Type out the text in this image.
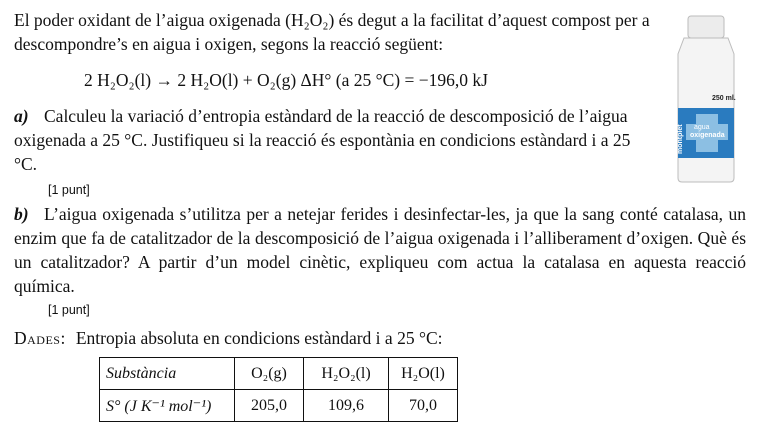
El poder oxidant de l’aigua oxigenada (H₂O₂) és degut a la facilitat d’aquest compost per a descompondre’s en aigua i oxigen, segons la reacció següent:

2 H₂O₂(l) → 2 H₂O(l) + O₂(g) ΔH° (a 25 °C) = −196,0 kJ

a) Calculeu la variació d’entropia estàndard de la reacció de descomposició de l’aigua oxigenada a 25 °C. Justifiqueu si la reacció és espontània en condicions estàndard i a 25 °C.
[1 punt]
b) L’aigua oxigenada s’utilitza per a netejar ferides i desinfectar-les, ja que la sang conté catalasa, un enzim que fa de catalitzador de la descomposició de l’aigua oxigenada i l’alliberament d’oxigen. Què és un catalitzador? A partir d’un model cinètic, expliqueu com actua la catalasa en aquesta reacció química.
[1 punt]
Dades: Entropia absoluta en condicions estàndard i a 25 °C:
Substància	O₂(g)	H₂O₂(l)	H₂O(l)
S° (J K⁻¹ mol⁻¹)	205,0	109,6	70,0
250 ml.
montplet agua
oxigenada
